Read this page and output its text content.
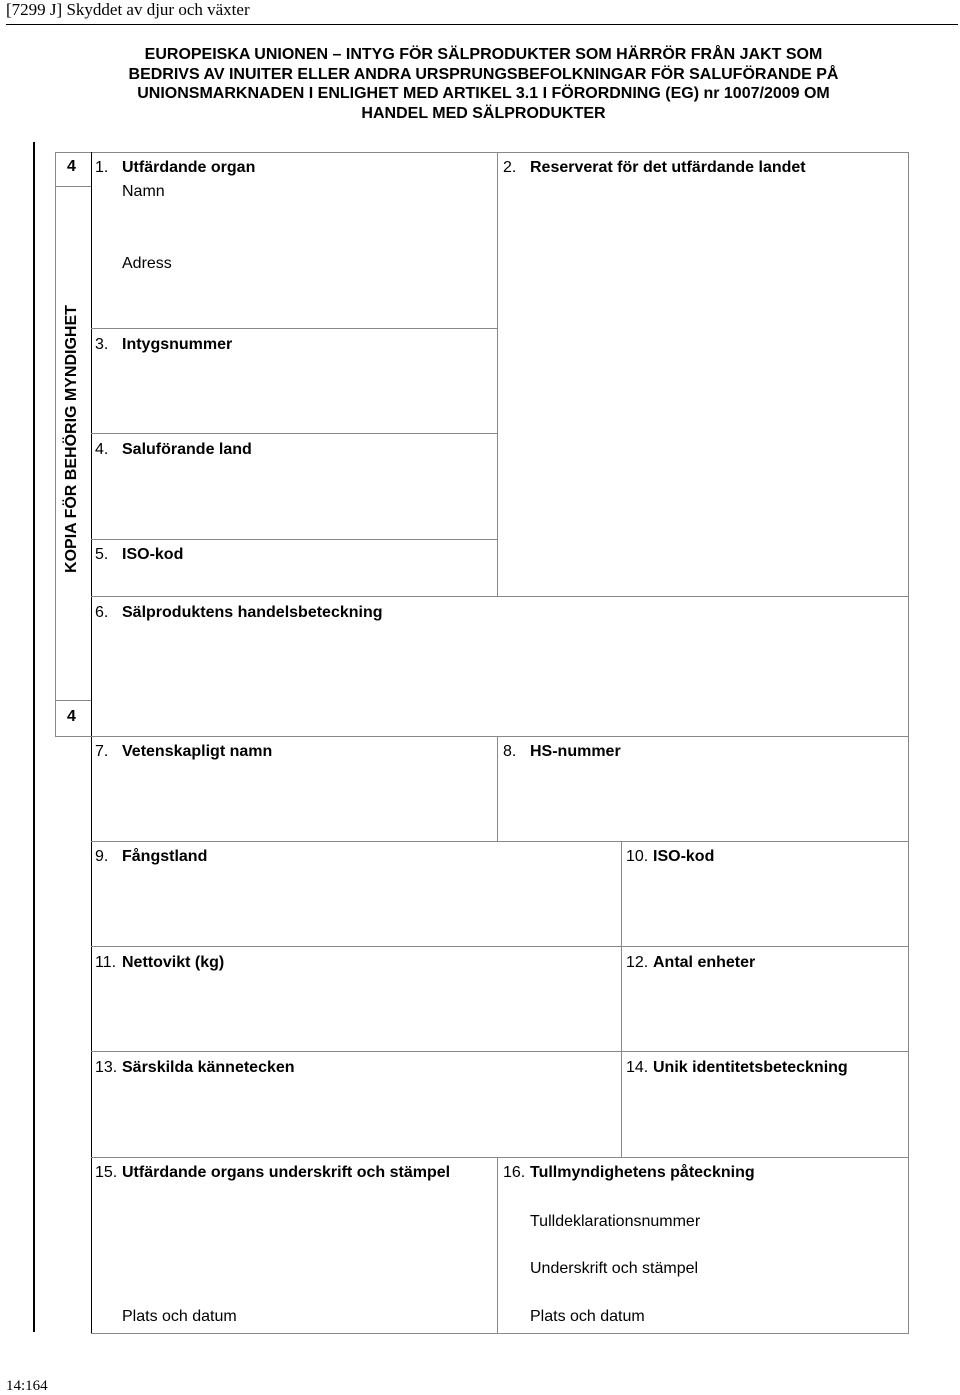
[7299 J] Skyddet av djur och växter
EUROPEISKA UNIONEN – INTYG FÖR SÄLPRODUKTER SOM HÄRRÖR FRÅN JAKT SOM
BEDRIVS AV INUITER ELLER ANDRA URSPRUNGSBEFOLKNINGAR FÖR SALUFÖRANDE PÅ
UNIONSMARKNADEN I ENLIGHET MED ARTIKEL 3.1 I FÖRORDNING (EG) nr 1007/2009 OM
HANDEL MED SÄLPRODUKTER
4
4
KOPIA FÖR BEHÖRIG MYNDIGHET
1. Utfärdande organ
Namn
Adress
2. Reserverat för det utfärdande landet
3. Intygsnummer
4. Saluförande land
5. ISO-kod
6. Sälproduktens handelsbeteckning
7. Vetenskapligt namn	8. HS-nummer
9. Fångstland	10. ISO-kod
11. Nettovikt (kg)	12. Antal enheter
13. Särskilda kännetecken	14. Unik identitetsbeteckning
15. Utfärdande organs underskrift och stämpel
Plats och datum
16. Tullmyndighetens påteckning
Tulldeklarationsnummer
Underskrift och stämpel
Plats och datum
14:164
